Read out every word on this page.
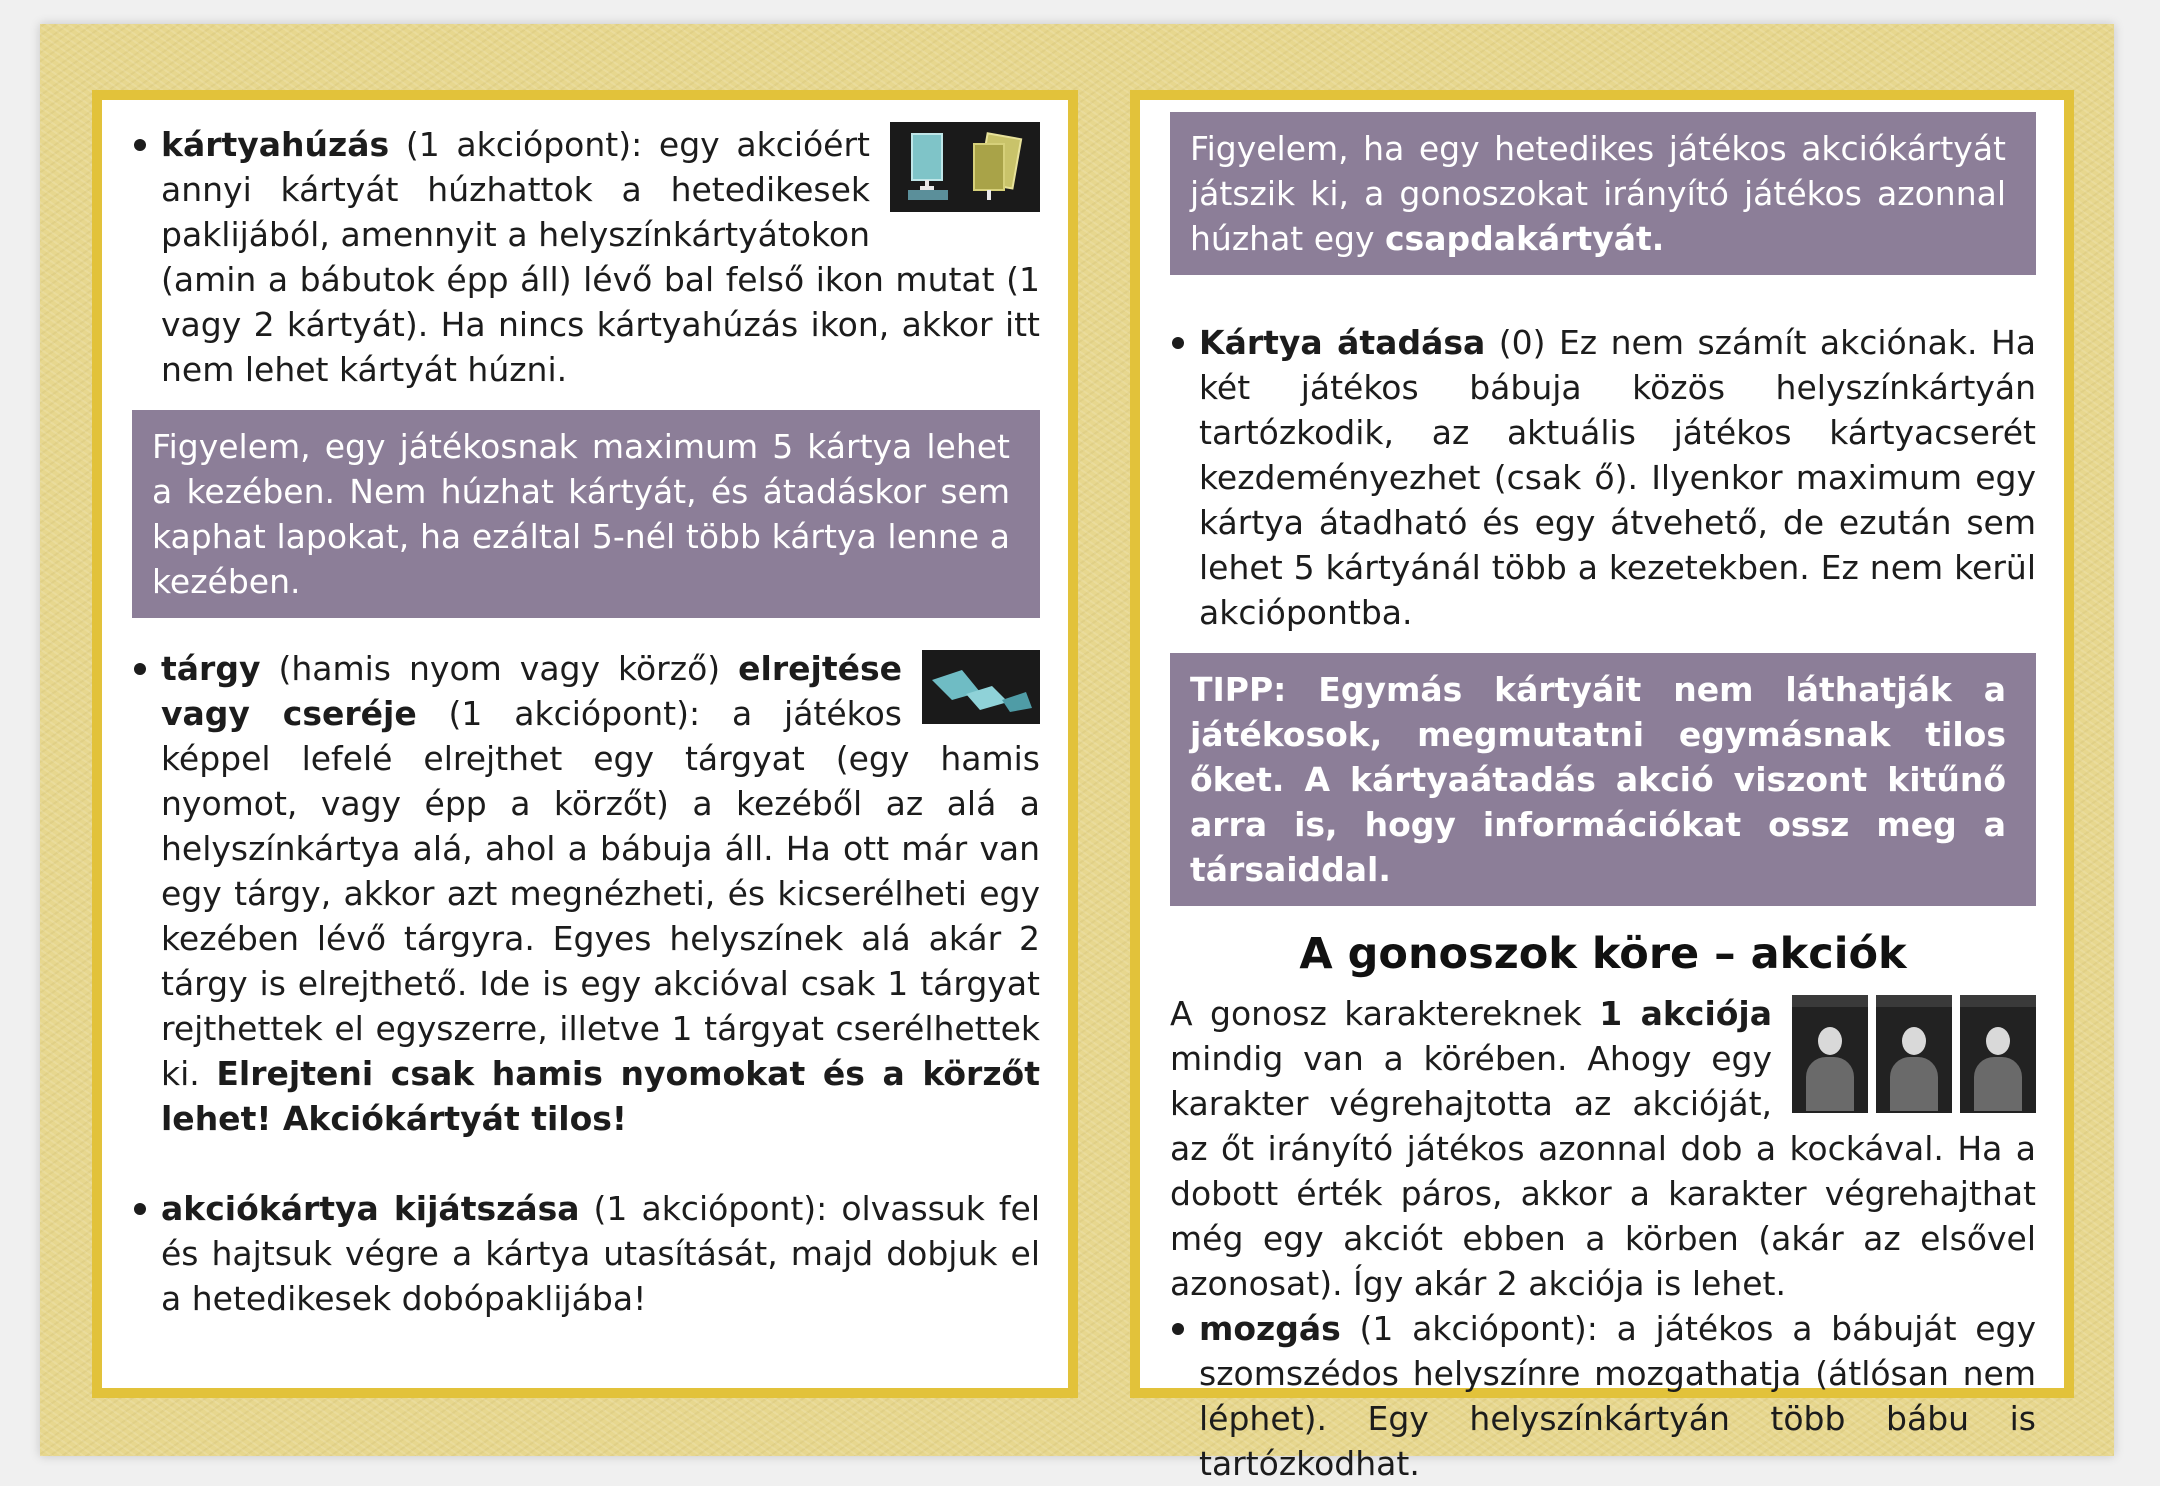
kártyahúzás (1 akciópont): egy akcióért annyi kártyát húzhattok a hetedikesek paklijából, amennyit a helyszínkártyátokon (amin a bábutok épp áll) lévő bal felső ikon mutat (1 vagy 2 kártyát). Ha nincs kártyahúzás ikon, akkor itt nem lehet kártyát húzni.

Figyelem, egy játékosnak maximum 5 kártya lehet a kezében. Nem húzhat kártyát, és átadáskor sem kaphat lapokat, ha ezáltal 5-nél több kártya lenne a kezében.

tárgy (hamis nyom vagy körző) elrejtése vagy cseréje (1 akciópont): a játékos képpel lefelé elrejthet egy tárgyat (egy hamis nyomot, vagy épp a körzőt) a kezéből az alá a helyszínkártya alá, ahol a bábuja áll. Ha ott már van egy tárgy, akkor azt megnézheti, és kicserélheti egy kezében lévő tárgyra. Egyes helyszínek alá akár 2 tárgy is elrejthető. Ide is egy akcióval csak 1 tárgyat rejthettek el egyszerre, illetve 1 tárgyat cserélhettek ki. Elrejteni csak hamis nyomokat és a körzőt lehet! Akciókártyát tilos!

akciókártya kijátszása (1 akciópont): olvassuk fel és hajtsuk végre a kártya utasítását, majd dobjuk el a hetedikesek dobópaklijába!

Figyelem, ha egy hetedikes játékos akciókártyát játszik ki, a gonoszokat irányító játékos azonnal húzhat egy csapdakártyát.

Kártya átadása (0) Ez nem számít akciónak. Ha két játékos bábuja közös helyszínkártyán tartózkodik, az aktuális játékos kártyacserét kezdeményezhet (csak ő). Ilyenkor maximum egy kártya átadható és egy átvehető, de ezután sem lehet 5 kártyánál több a kezetekben. Ez nem kerül akciópontba.

TIPP: Egymás kártyáit nem láthatják a játékosok, megmutatni egymásnak tilos őket. A kártyaátadás akció viszont kitűnő arra is, hogy információkat ossz meg a társaiddal.
A gonoszok köre – akciók

A gonosz karaktereknek 1 akciója mindig van a körében. Ahogy egy karakter végrehajtotta az akcióját, az őt irányító játékos azonnal dob a kockával. Ha a dobott érték páros, akkor a karakter végrehajthat még egy akciót ebben a körben (akár az elsővel azonosat). Így akár 2 akciója is lehet.

mozgás (1 akciópont): a játékos a bábuját egy szomszédos helyszínre mozgathatja (átlósan nem léphet). Egy helyszínkártyán több bábu is tartózkodhat.
